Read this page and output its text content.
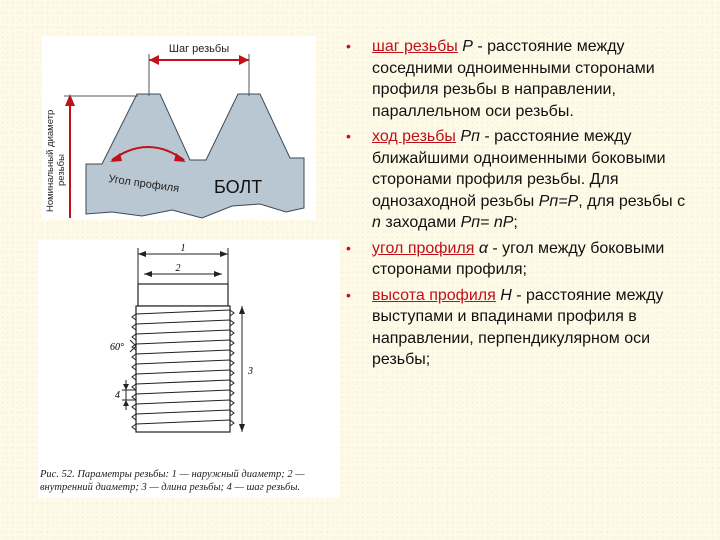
Шаг резьбы
Номинальный диаметр резьбы	Угол профиля БОЛТ
1
2
3
60°
4
Рис. 52. Параметры резьбы: 1 — наружный диаметр; 2 —
внутренний диаметр; 3 — длина резьбы; 4 — шаг резьбы.
• шаг резьбы P - расстояние между соседними одноименными сторонами профиля резьбы в направлении, параллельном оси резьбы.
• ход резьбы Pп - расстояние между ближайшими одноименными боковыми сторонами профиля резьбы. Для однозаходной резьбы Pп=P, для резьбы с n заходами Pп= nP;
• угол профиля α - угол между боковыми сторонами профиля;
• высота профиля H - расстояние между выступами и впадинами профиля в направлении, перпендикулярном оси резьбы;
